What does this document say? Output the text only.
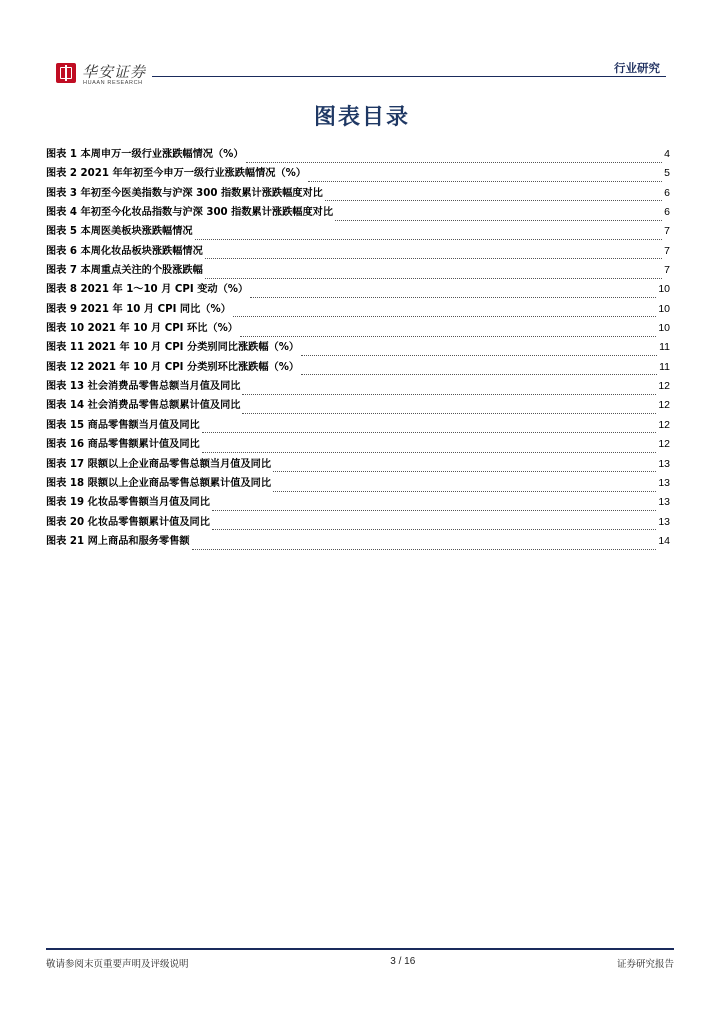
华安证券
HUAAN RESEARCH
行业研究
图表目录
图表 1 本周申万一级行业涨跌幅情况（%）	4
图表 2 2021 年年初至今申万一级行业涨跌幅情况（%）	5
图表 3 年初至今医美指数与沪深 300 指数累计涨跌幅度对比	6
图表 4 年初至今化妆品指数与沪深 300 指数累计涨跌幅度对比	6
图表 5 本周医美板块涨跌幅情况	7
图表 6 本周化妆品板块涨跌幅情况	7
图表 7 本周重点关注的个股涨跌幅	7
图表 8 2021 年 1～10 月 CPI 变动（%）	10
图表 9 2021 年 10 月 CPI 同比（%）	10
图表 10 2021 年 10 月 CPI 环比（%）	10
图表 11 2021 年 10 月 CPI 分类别同比涨跌幅（%）	11
图表 12 2021 年 10 月 CPI 分类别环比涨跌幅（%）	11
图表 13 社会消费品零售总额当月值及同比	12
图表 14 社会消费品零售总额累计值及同比	12
图表 15 商品零售额当月值及同比	12
图表 16 商品零售额累计值及同比	12
图表 17 限额以上企业商品零售总额当月值及同比	13
图表 18 限额以上企业商品零售总额累计值及同比	13
图表 19 化妆品零售额当月值及同比	13
图表 20 化妆品零售额累计值及同比	13
图表 21 网上商品和服务零售额	14
敬请参阅末页重要声明及评级说明	3 / 16	证券研究报告
